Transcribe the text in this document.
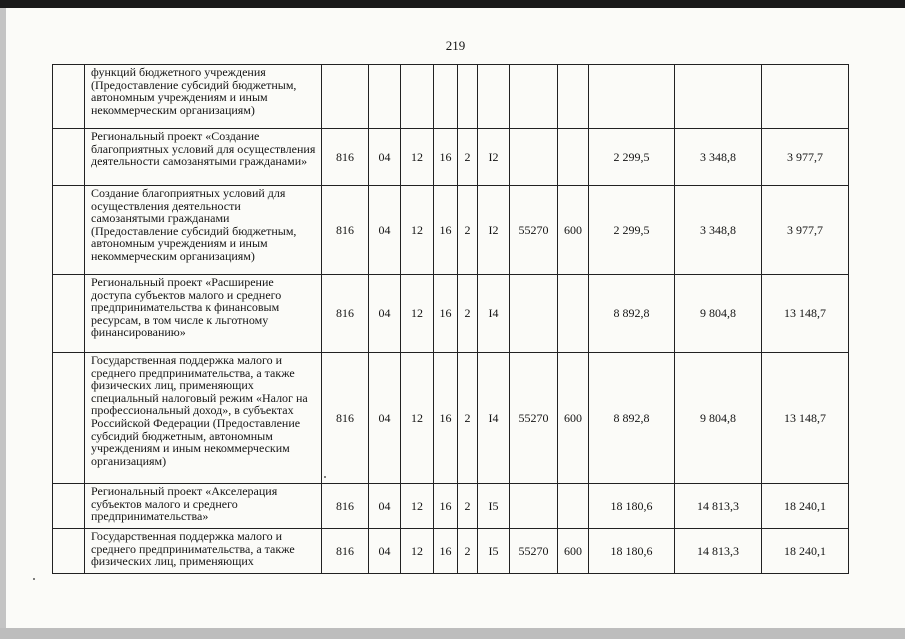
219
	функций бюджетного учреждения (Предоставление субсидий бюджетным, автономным учреждениям и иным некоммерческим организациям)											
	Региональный проект «Создание благоприятных условий для осуществления деятельности самозанятыми гражданами»	816	04	12	16	2	I2			2 299,5	3 348,8	3 977,7
	Создание благоприятных условий для осуществления деятельности самозанятыми гражданами (Предоставление субсидий бюджетным, автономным учреждениям и иным некоммерческим организациям)	816	04	12	16	2	I2	55270	600	2 299,5	3 348,8	3 977,7
	Региональный проект «Расширение доступа субъектов малого и среднего предпринимательства к финансовым ресурсам, в том числе к льготному финансированию»	816	04	12	16	2	I4			8 892,8	9 804,8	13 148,7
	Государственная поддержка малого и среднего предпринимательства, а также физических лиц, применяющих специальный налоговый режим «Налог на профессиональный доход», в субъектах Российской Федерации (Предоставление субсидий бюджетным, автономным учреждениям и иным некоммерческим организациям)	816	04	12	16	2	I4	55270	600	8 892,8	9 804,8	13 148,7
	Региональный проект «Акселерация субъектов малого и среднего предпринимательства»	816	04	12	16	2	I5			18 180,6	14 813,3	18 240,1
	Государственная поддержка малого и среднего предпринимательства, а также физических лиц, применяющих	816	04	12	16	2	I5	55270	600	18 180,6	14 813,3	18 240,1
